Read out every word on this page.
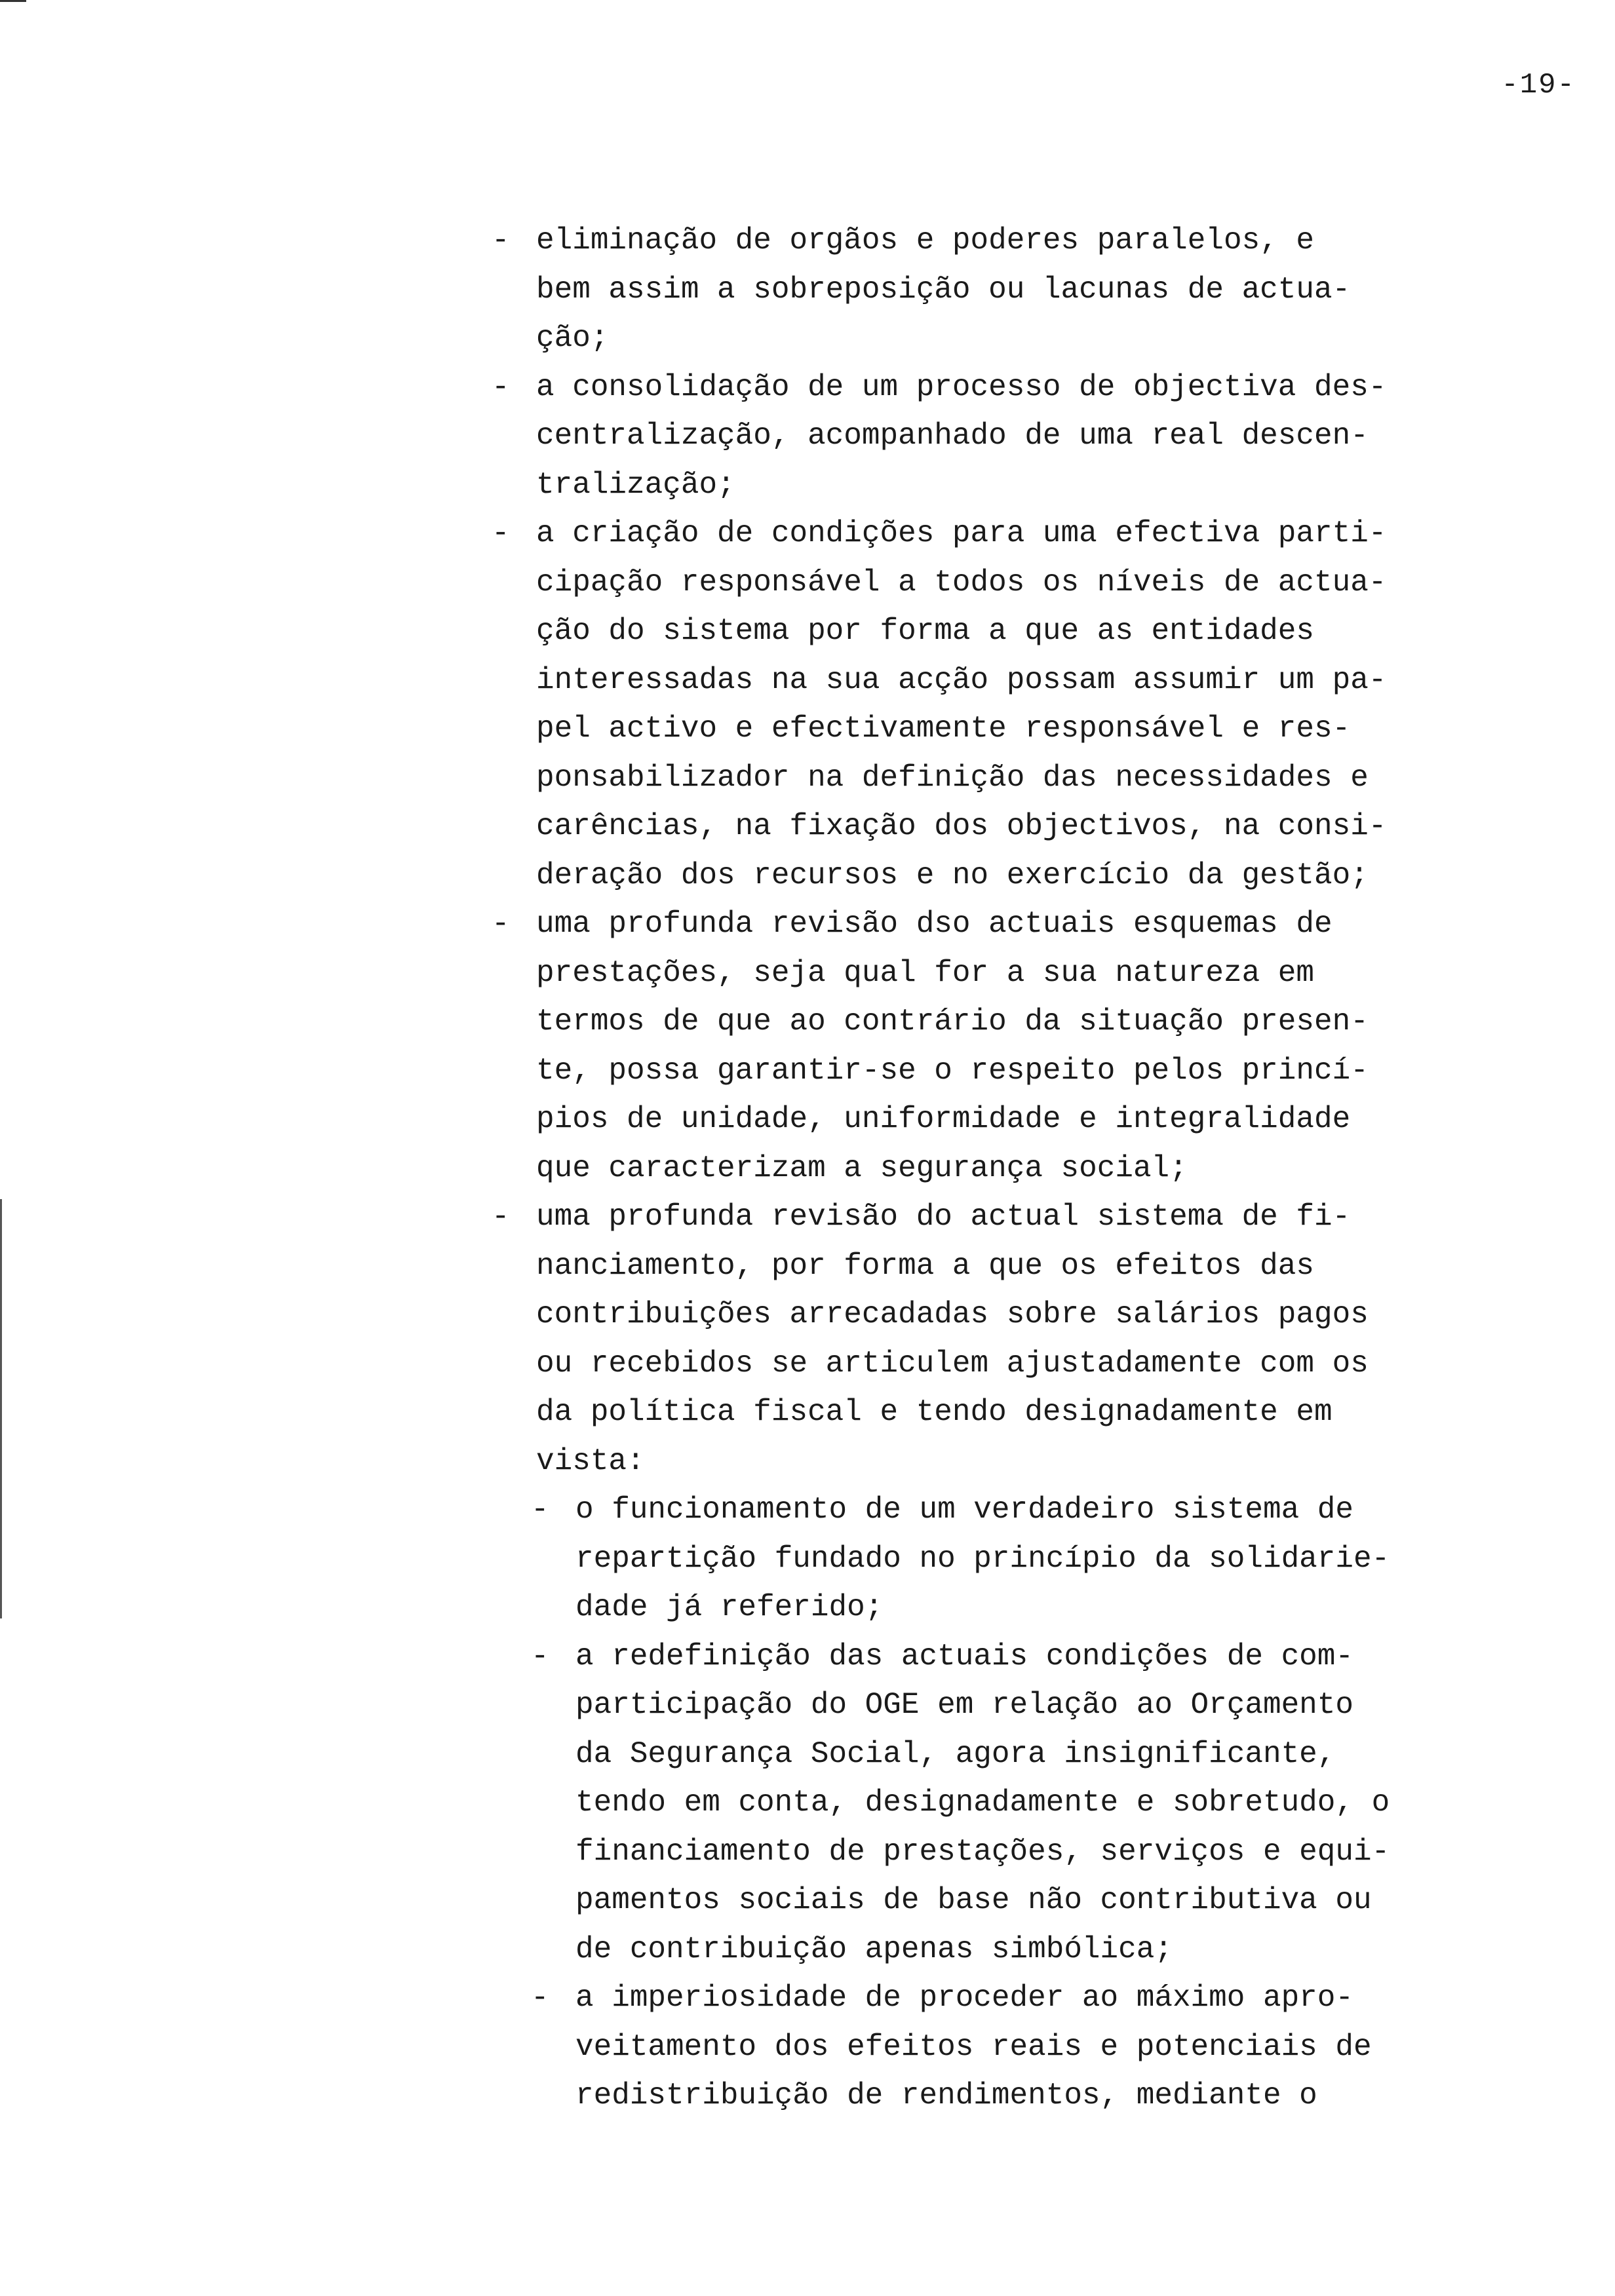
-19-
- eliminação de orgãos e poderes paralelos, e
bem assim a sobreposição ou lacunas de actua-
ção;
- a consolidação de um processo de objectiva des-
centralização, acompanhado de uma real descen-
tralização;
- a criação de condições para uma efectiva parti-
cipação responsável a todos os níveis de actua-
ção do sistema por forma a que as entidades
interessadas na sua acção possam assumir um pa-
pel activo e efectivamente responsável e res-
ponsabilizador na definição das necessidades e
carências, na fixação dos objectivos, na consi-
deração dos recursos e no exercício da gestão;
- uma profunda revisão dso actuais esquemas de
prestações, seja qual for a sua natureza em
termos de que ao contrário da situação presen-
te, possa garantir-se o respeito pelos princí-
pios de unidade, uniformidade e integralidade
que caracterizam a segurança social;
- uma profunda revisão do actual sistema de fi-
nanciamento, por forma a que os efeitos das
contribuições arrecadadas sobre salários pagos
ou recebidos se articulem ajustadamente com os
da política fiscal e tendo designadamente em
vista:
- o funcionamento de um verdadeiro sistema de
repartição fundado no princípio da solidarie-
dade já referido;
- a redefinição das actuais condições de com-
participação do OGE em relação ao Orçamento
da Segurança Social, agora insignificante,
tendo em conta, designadamente e sobretudo, o
financiamento de prestações, serviços e equi-
pamentos sociais de base não contributiva ou
de contribuição apenas simbólica;
- a imperiosidade de proceder ao máximo apro-
veitamento dos efeitos reais e potenciais de
redistribuição de rendimentos, mediante o
